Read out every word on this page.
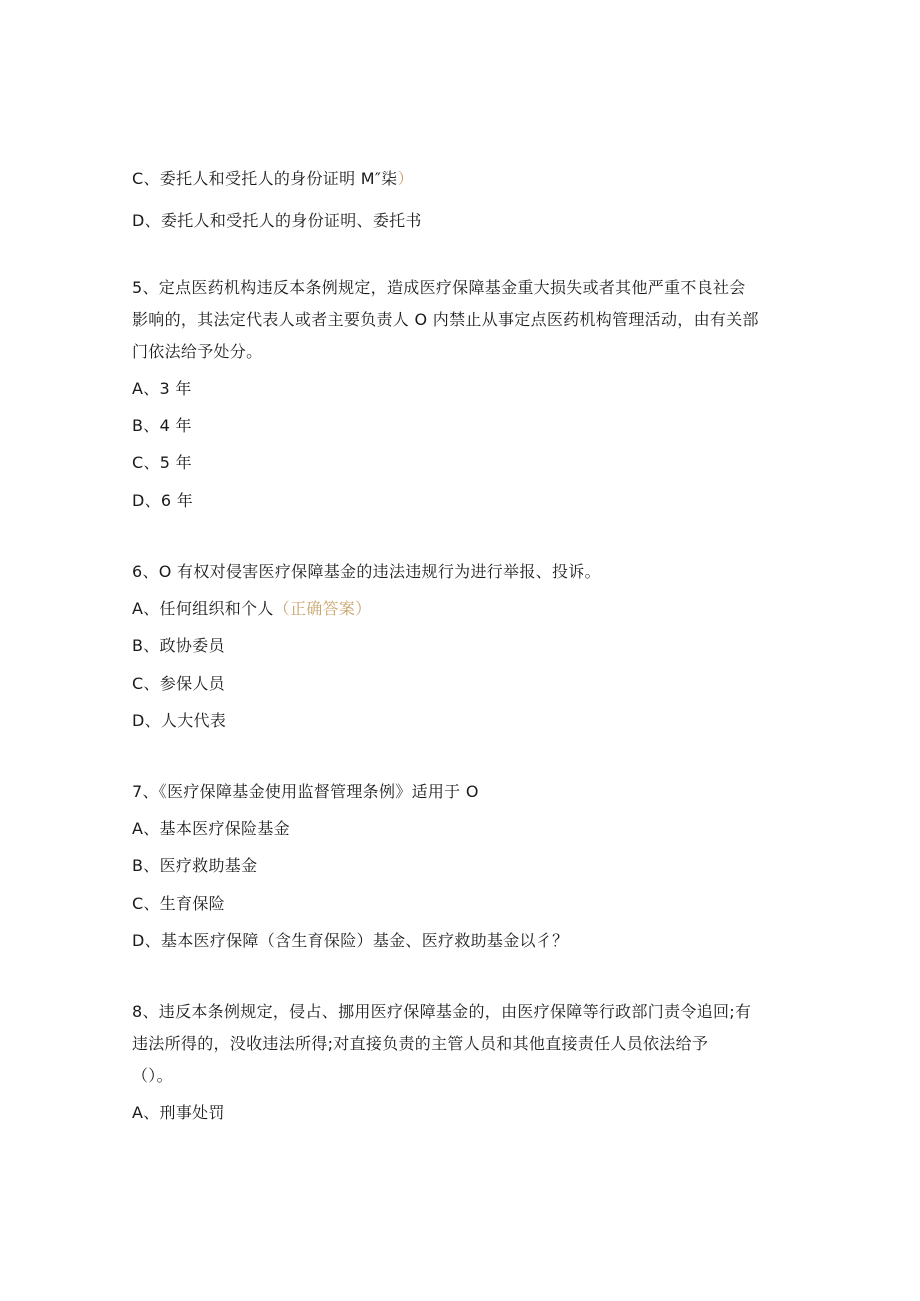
C、委托人和受托人的身份证明 M″柒）
D、委托人和受托人的身份证明、委托书
5、定点医药机构违反本条例规定，造成医疗保障基金重大损失或者其他严重不良社会
影响的，其法定代表人或者主要负责人 O 内禁止从事定点医药机构管理活动，由有关部
门依法给予处分。
A、3 年
B、4 年
C、5 年
D、6 年
6、O 有权对侵害医疗保障基金的违法违规行为进行举报、投诉。
A、任何组织和个人（正确答案）
B、政协委员
C、参保人员
D、人大代表
7、《医疗保障基金使用监督管理条例》适用于 O
A、基本医疗保险基金
B、医疗救助基金
C、生育保险
D、基本医疗保障（含生育保险）基金、医疗救助基金以彳？
8、违反本条例规定，侵占、挪用医疗保障基金的，由医疗保障等行政部门责令追回;有
违法所得的，没收违法所得;对直接负责的主管人员和其他直接责任人员依法给予
（）。
A、刑事处罚
